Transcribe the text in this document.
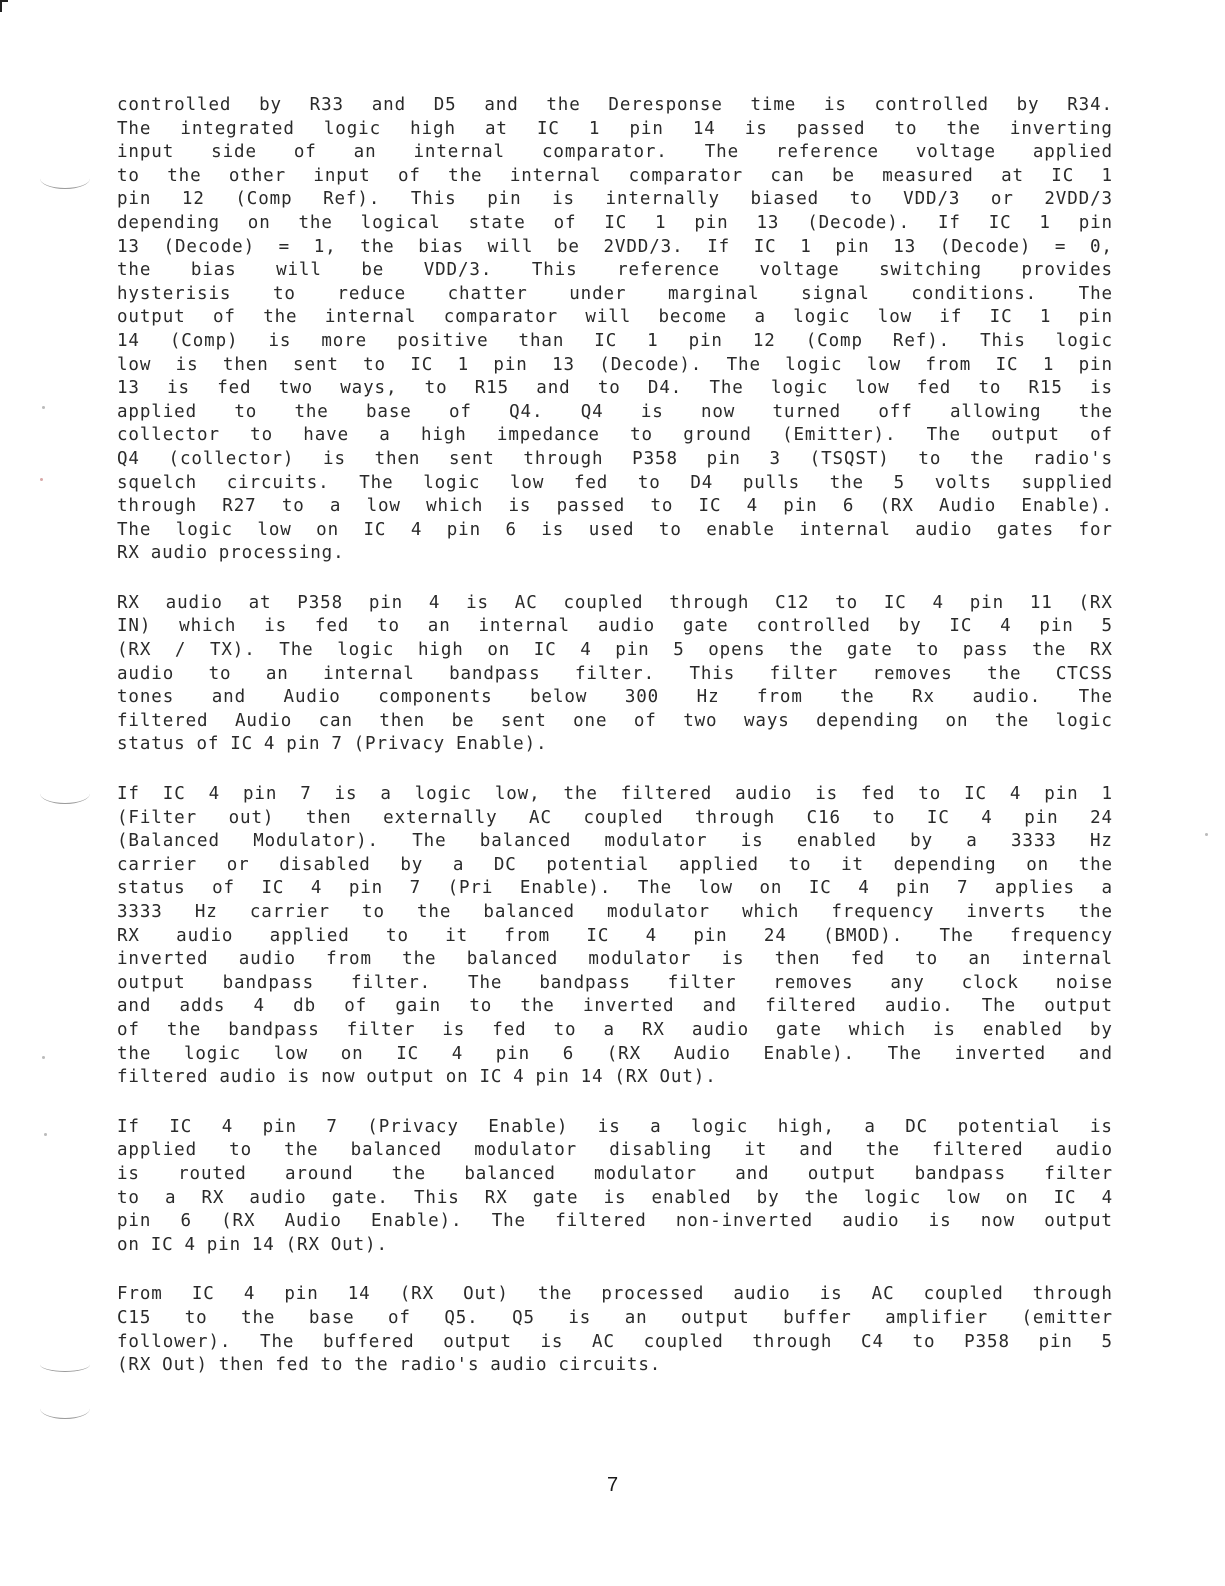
controlled by R33 and D5 and the Deresponse time is controlled by R34.
The integrated logic high at IC 1 pin 14 is passed to the inverting
input side of an internal comparator. The reference voltage applied
to the other input of the internal comparator can be measured at IC 1
pin 12 (Comp Ref). This pin is internally biased to VDD/3 or 2VDD/3
depending on the logical state of IC 1 pin 13 (Decode). If IC 1 pin
13 (Decode) = 1, the bias will be 2VDD/3. If IC 1 pin 13 (Decode) = 0,
the bias will be VDD/3. This reference voltage switching provides
hysterisis to reduce chatter under marginal signal conditions. The
output of the internal comparator will become a logic low if IC 1 pin
14 (Comp) is more positive than IC 1 pin 12 (Comp Ref). This logic
low is then sent to IC 1 pin 13 (Decode). The logic low from IC 1 pin
13 is fed two ways, to R15 and to D4. The logic low fed to R15 is
applied to the base of Q4. Q4 is now turned off allowing the
collector to have a high impedance to ground (Emitter). The output of
Q4 (collector) is then sent through P358 pin 3 (TSQST) to the radio's
squelch circuits. The logic low fed to D4 pulls the 5 volts supplied
through R27 to a low which is passed to IC 4 pin 6 (RX Audio Enable).
The logic low on IC 4 pin 6 is used to enable internal audio gates for
RX audio processing.
RX audio at P358 pin 4 is AC coupled through C12 to IC 4 pin 11 (RX
IN) which is fed to an internal audio gate controlled by IC 4 pin 5
(RX / TX). The logic high on IC 4 pin 5 opens the gate to pass the RX
audio to an internal bandpass filter. This filter removes the CTCSS
tones and Audio components below 300 Hz from the Rx audio. The
filtered Audio can then be sent one of two ways depending on the logic
status of IC 4 pin 7 (Privacy Enable).
If IC 4 pin 7 is a logic low, the filtered audio is fed to IC 4 pin 1
(Filter out) then externally AC coupled through C16 to IC 4 pin 24
(Balanced Modulator). The balanced modulator is enabled by a 3333 Hz
carrier or disabled by a DC potential applied to it depending on the
status of IC 4 pin 7 (Pri Enable). The low on IC 4 pin 7 applies a
3333 Hz carrier to the balanced modulator which frequency inverts the
RX audio applied to it from IC 4 pin 24 (BMOD). The frequency
inverted audio from the balanced modulator is then fed to an internal
output bandpass filter. The bandpass filter removes any clock noise
and adds 4 db of gain to the inverted and filtered audio. The output
of the bandpass filter is fed to a RX audio gate which is enabled by
the logic low on IC 4 pin 6 (RX Audio Enable). The inverted and
filtered audio is now output on IC 4 pin 14 (RX Out).
If IC 4 pin 7 (Privacy Enable) is a logic high, a DC potential is
applied to the balanced modulator disabling it and the filtered audio
is routed around the balanced modulator and output bandpass filter
to a RX audio gate. This RX gate is enabled by the logic low on IC 4
pin 6 (RX Audio Enable). The filtered non-inverted audio is now output
on IC 4 pin 14 (RX Out).
From IC 4 pin 14 (RX Out) the processed audio is AC coupled through
C15 to the base of Q5. Q5 is an output buffer amplifier (emitter
follower). The buffered output is AC coupled through C4 to P358 pin 5
(RX Out) then fed to the radio's audio circuits.
7
